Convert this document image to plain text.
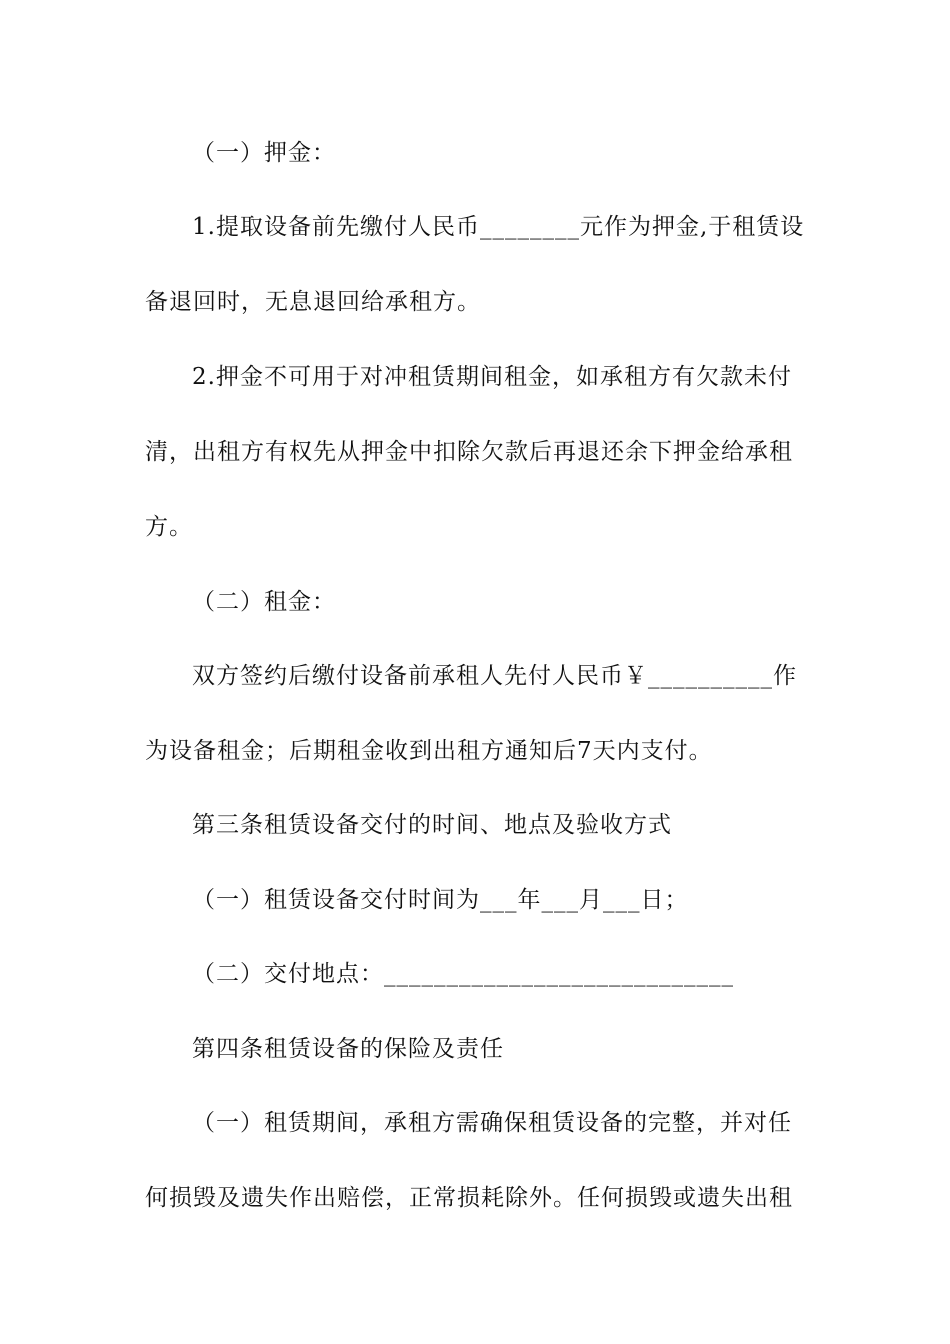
（一）押金：
1.提取设备前先缴付人民币________元作为押金,于租赁设
备退回时，无息退回给承租方。
2.押金不可用于对冲租赁期间租金，如承租方有欠款未付
清，出租方有权先从押金中扣除欠款后再退还余下押金给承租
方。
（二）租金：
双方签约后缴付设备前承租人先付人民币￥__________作
为设备租金；后期租金收到出租方通知后7天内支付。
第三条租赁设备交付的时间、地点及验收方式
（一）租赁设备交付时间为___年___月___日；
（二）交付地点：____________________________
第四条租赁设备的保险及责任
（一）租赁期间，承租方需确保租赁设备的完整，并对任
何损毁及遗失作出赔偿，正常损耗除外。任何损毁或遗失出租
